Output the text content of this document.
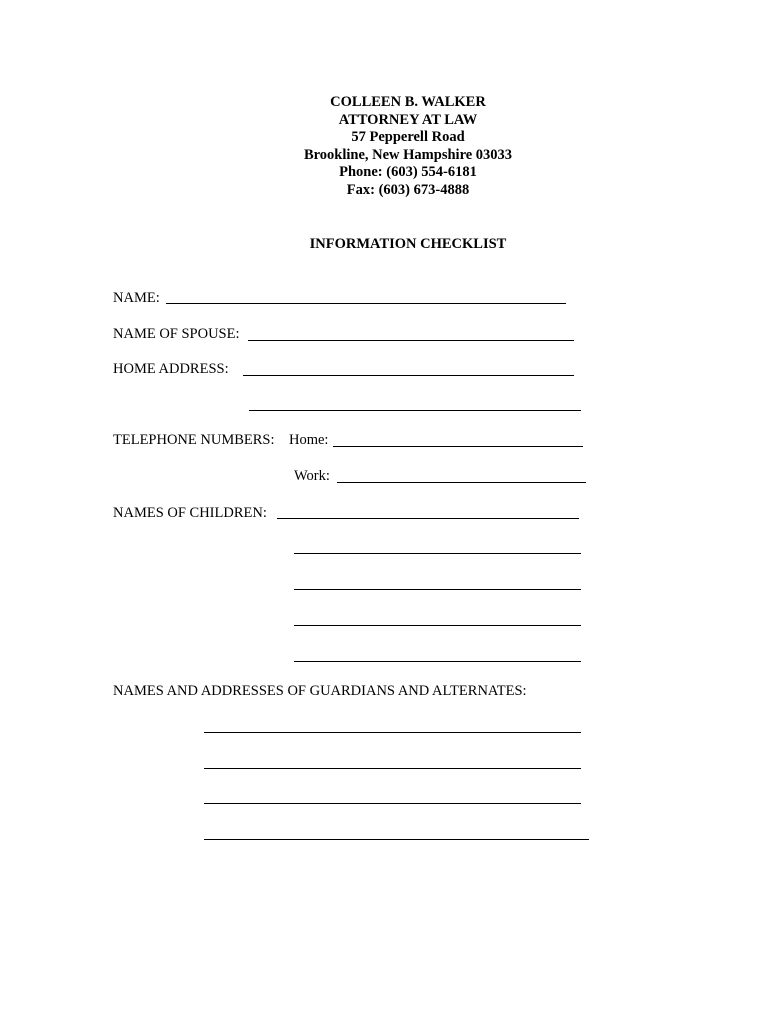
COLLEEN B. WALKER
ATTORNEY AT LAW
57 Pepperell Road
Brookline, New Hampshire 03033
Phone: (603) 554-6181
Fax: (603) 673-4888
INFORMATION CHECKLIST
NAME:
NAME OF SPOUSE:
HOME ADDRESS:
TELEPHONE NUMBERS: Home:
Work:
NAMES OF CHILDREN:
NAMES AND ADDRESSES OF GUARDIANS AND ALTERNATES:
